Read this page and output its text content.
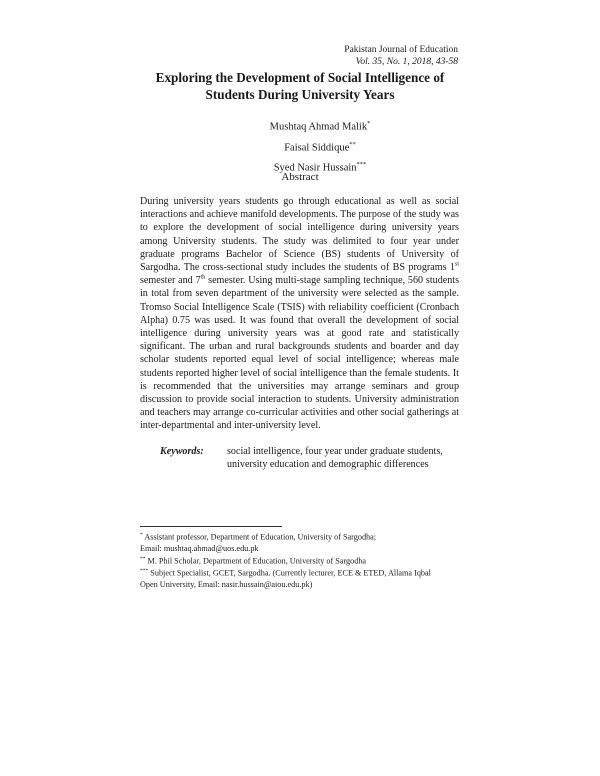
Pakistan Journal of Education
Vol. 35, No. 1, 2018, 43-58
Exploring the Development of Social Intelligence of
Students During University Years
Mushtaq Ahmad Malik*
Faisal Siddique**
Syed Nasir Hussain***
Abstract
During university years students go through educational as well as social interactions and achieve manifold developments. The purpose of the study was to explore the development of social intelligence during university years among University students. The study was delimited to four year under graduate programs Bachelor of Science (BS) students of University of Sargodha. The cross-sectional study includes the students of BS programs 1st semester and 7th semester. Using multi-stage sampling technique, 560 students in total from seven department of the university were selected as the sample. Tromso Social Intelligence Scale (TSIS) with reliability coefficient (Cronbach Alpha) 0.75 was used. It was found that overall the development of social intelligence during university years was at good rate and statistically significant. The urban and rural backgrounds students and boarder and day scholar students reported equal level of social intelligence; whereas male students reported higher level of social intelligence than the female students. It is recommended that the universities may arrange seminars and group discussion to provide social interaction to students. University administration and teachers may arrange co-curricular activities and other social gatherings at inter-departmental and inter-university level.
Keywords:	social intelligence, four year under graduate students,
university education and demographic differences
* Assistant professor, Department of Education, University of Sargodha;
Email: mushtaq.ahmad@uos.edu.pk
** M. Phil Scholar, Department of Education, University of Sargodha
*** Subject Specialist, GCET, Sargodha. (Currently lecturer, ECE & ETED, Allama Iqbal
Open University, Email: nasir.hussain@aiou.edu.pk)
